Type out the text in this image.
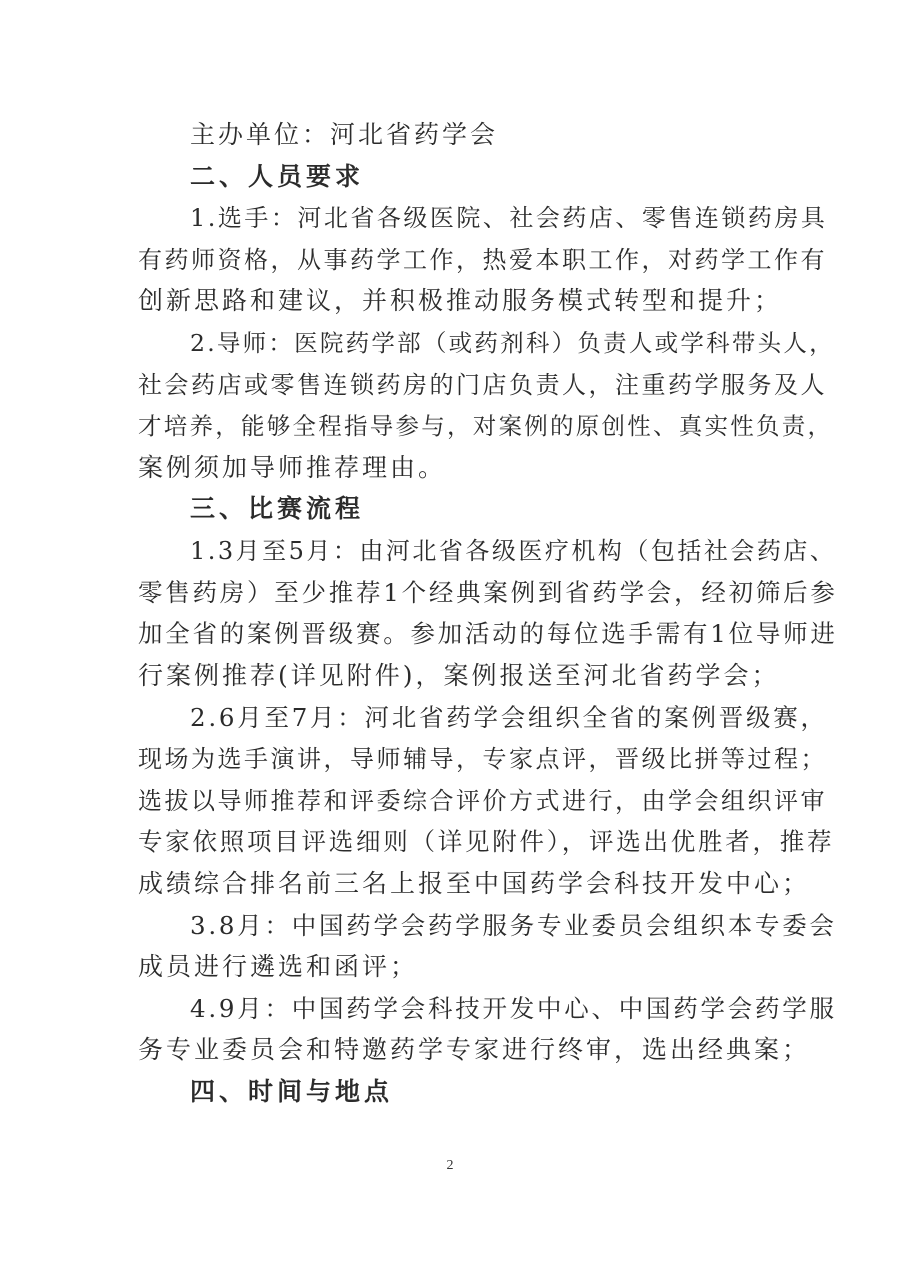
主办单位：河北省药学会
二、人员要求
1.选手：河北省各级医院、社会药店、零售连锁药房具
有药师资格，从事药学工作，热爱本职工作，对药学工作有
创新思路和建议，并积极推动服务模式转型和提升；
2.导师：医院药学部（或药剂科）负责人或学科带头人，
社会药店或零售连锁药房的门店负责人，注重药学服务及人
才培养，能够全程指导参与，对案例的原创性、真实性负责，
案例须加导师推荐理由。
三、比赛流程
1.3月至5月：由河北省各级医疗机构（包括社会药店、
零售药房）至少推荐1个经典案例到省药学会，经初筛后参
加全省的案例晋级赛。参加活动的每位选手需有1位导师进
行案例推荐(详见附件)，案例报送至河北省药学会；
2.6月至7月：河北省药学会组织全省的案例晋级赛，
现场为选手演讲，导师辅导，专家点评，晋级比拼等过程；
选拔以导师推荐和评委综合评价方式进行，由学会组织评审
专家依照项目评选细则（详见附件），评选出优胜者，推荐
成绩综合排名前三名上报至中国药学会科技开发中心；
3.8月：中国药学会药学服务专业委员会组织本专委会
成员进行遴选和函评；
4.9月：中国药学会科技开发中心、中国药学会药学服
务专业委员会和特邀药学专家进行终审，选出经典案；
四、时间与地点
2
